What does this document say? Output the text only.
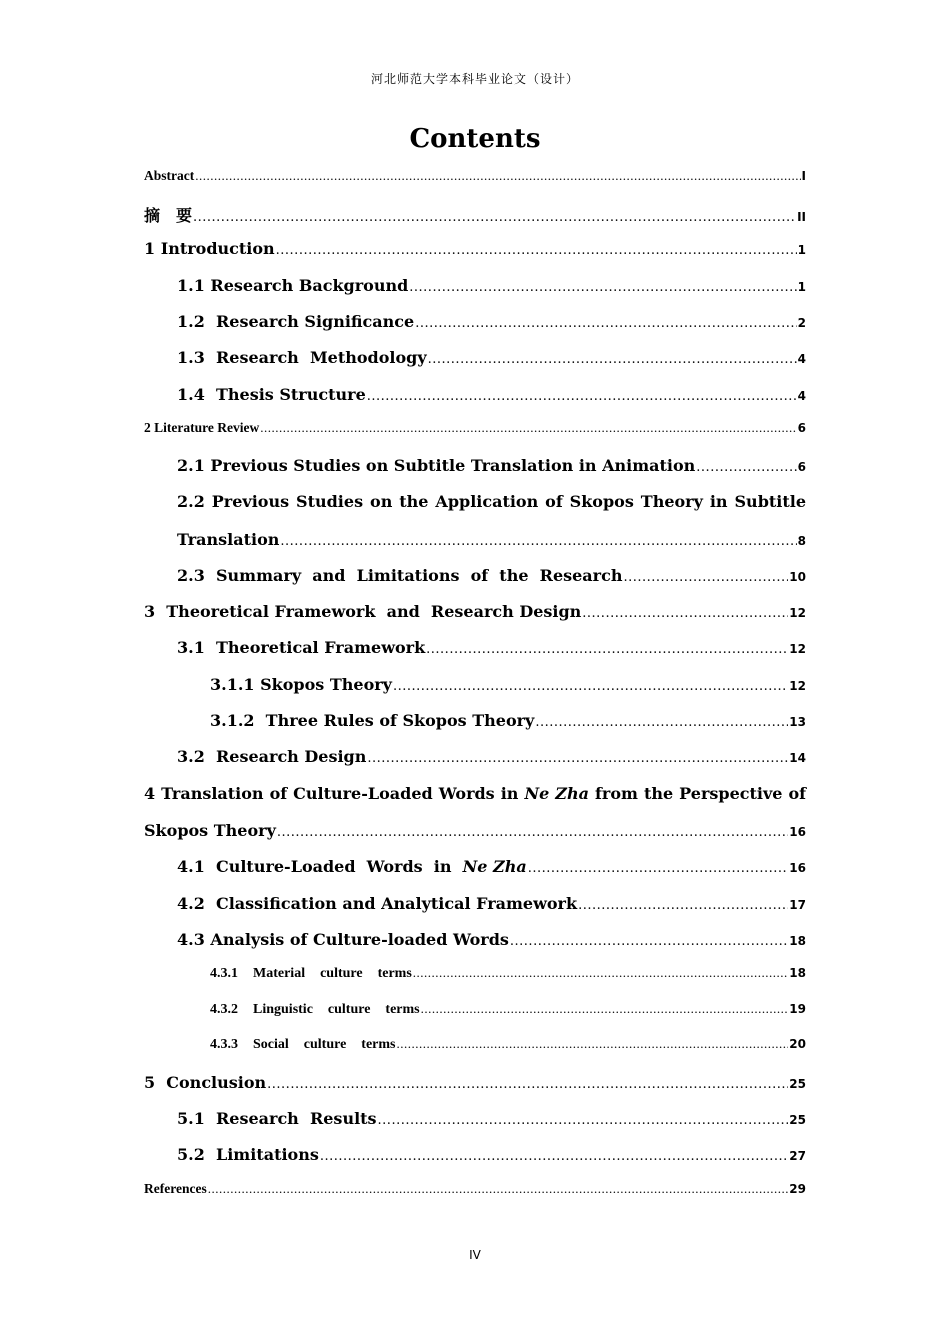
河北师范大学本科毕业论文（设计）
Contents
Abstract .....	I
摘　要 .....	II
1 Introduction .....	1
1.1 Research Background .....	1
1.2  Research Significance .....	2
1.3  Research  Methodology .....	4
1.4  Thesis Structure .....	4
2 Literature Review .....	6
2.1 Previous Studies on Subtitle Translation in Animation .....	6
2.2 Previous Studies on the Application of Skopos Theory in Subtitle
Translation .....	8
2.3  Summary  and  Limitations  of  the  Research .....	10
3  Theoretical Framework  and  Research Design .....	12
3.1  Theoretical Framework .....	12
3.1.1 Skopos Theory .....	12
3.1.2  Three Rules of Skopos Theory .....	13
3.2  Research Design .....	14
4 Translation of Culture-Loaded Words in Ne Zha from the Perspective of
Skopos Theory .....	16
4.1  Culture-Loaded  Words  in Ne Zha .....	16
4.2  Classification and Analytical Framework .....	17
4.3 Analysis of Culture-loaded Words .....	18
4.3.1  Material  culture  terms .....	18
4.3.2  Linguistic  culture  terms .....	19
4.3.3  Social  culture  terms .....	20
5  Conclusion .....	25
5.1  Research  Results .....	25
5.2  Limitations .....	27
References .....	29
IV
